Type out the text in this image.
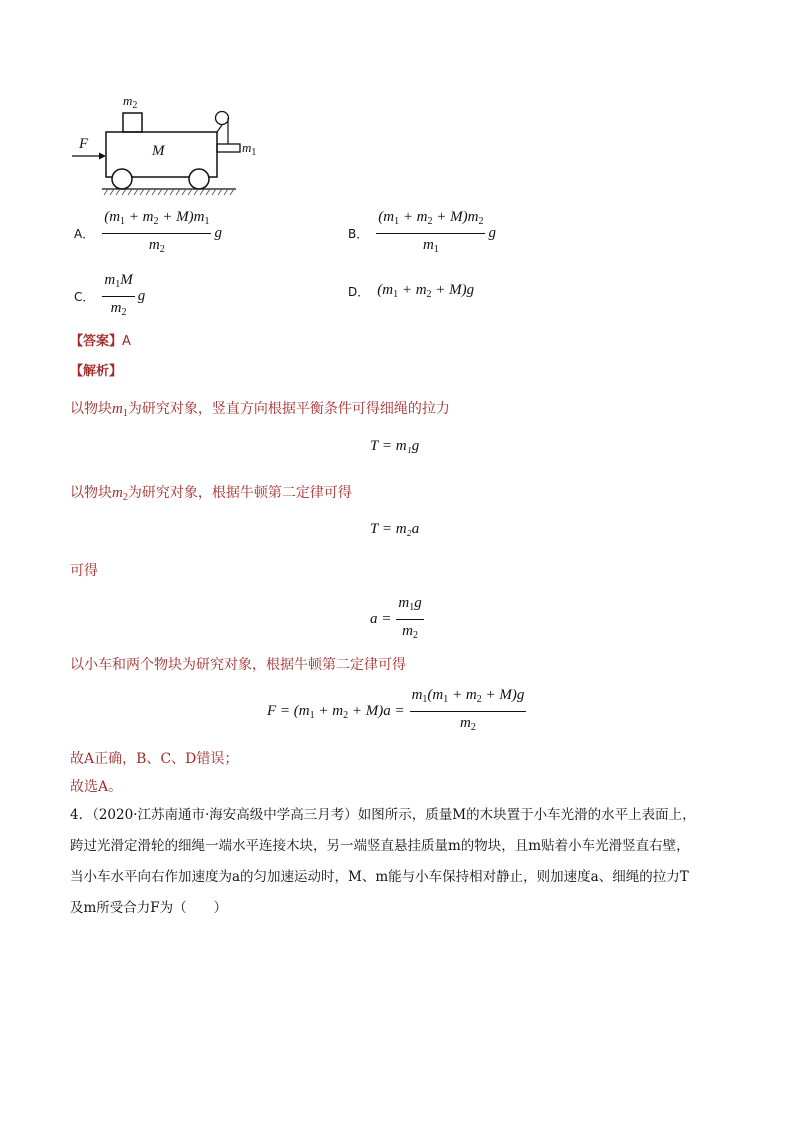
F	M
$m_2$
$m_1$
A． $\frac{(m_1 + m_2 + M)m_1}{m_2}$ g	B． $\frac{(m_1 + m_2 + M)m_2}{m_1}$ g
C． $\frac{m_1M}{m_2}$ g	D． $(m_1 + m_2 + M)g$
【答案】A
【解析】
以物块$m_1$为研究对象，竖直方向根据平衡条件可得细绳的拉力
T = m₁g
以物块$m_2$为研究对象，根据牛顿第二定律可得
T = m₂a
可得
$a = \frac{m_1g}{m_2}$
以小车和两个物块为研究对象，根据牛顿第二定律可得
$F = (m_1 + m_2 + M)a = \frac{m_1(m_1 + m_2 + M)g}{m_2}$
故A正确，B、C、D错误；
故选A。
4．（2020·江苏南通市·海安高级中学高三月考）如图所示，质量M的木块置于小车光滑的水平上表面上，
跨过光滑定滑轮的细绳一端水平连接木块，另一端竖直悬挂质量m的物块，且m贴着小车光滑竖直右壁，
当小车水平向右作加速度为a的匀加速运动时，M、m能与小车保持相对静止，则加速度a、细绳的拉力T
及m所受合力F为（　　）
